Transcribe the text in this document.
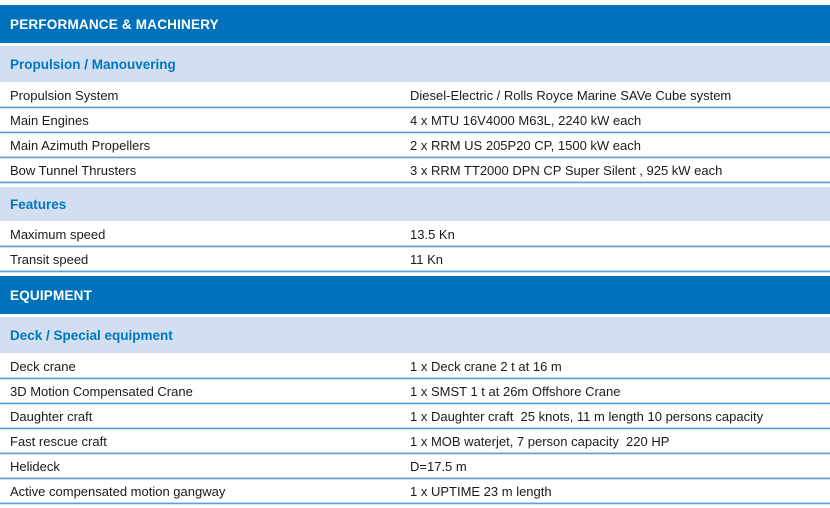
PERFORMANCE & MACHINERY
Propulsion / Manouvering
Propulsion System	Diesel-Electric / Rolls Royce Marine SAVe Cube system
Main Engines	4 x MTU 16V4000 M63L, 2240 kW each
Main Azimuth Propellers	2 x RRM US 205P20 CP, 1500 kW each
Bow Tunnel Thrusters	3 x RRM TT2000 DPN CP Super Silent , 925 kW each
Features
Maximum speed	13.5 Kn
Transit speed	11 Kn
EQUIPMENT
Deck / Special equipment
Deck crane	1 x Deck crane 2 t at 16 m
3D Motion Compensated Crane	1 x SMST 1 t at 26m Offshore Crane
Daughter craft	1 x Daughter craft  25 knots, 11 m length 10 persons capacity
Fast rescue craft	1 x MOB waterjet, 7 person capacity  220 HP
Helideck	D=17.5 m
Active compensated motion gangway	1 x UPTIME 23 m length
